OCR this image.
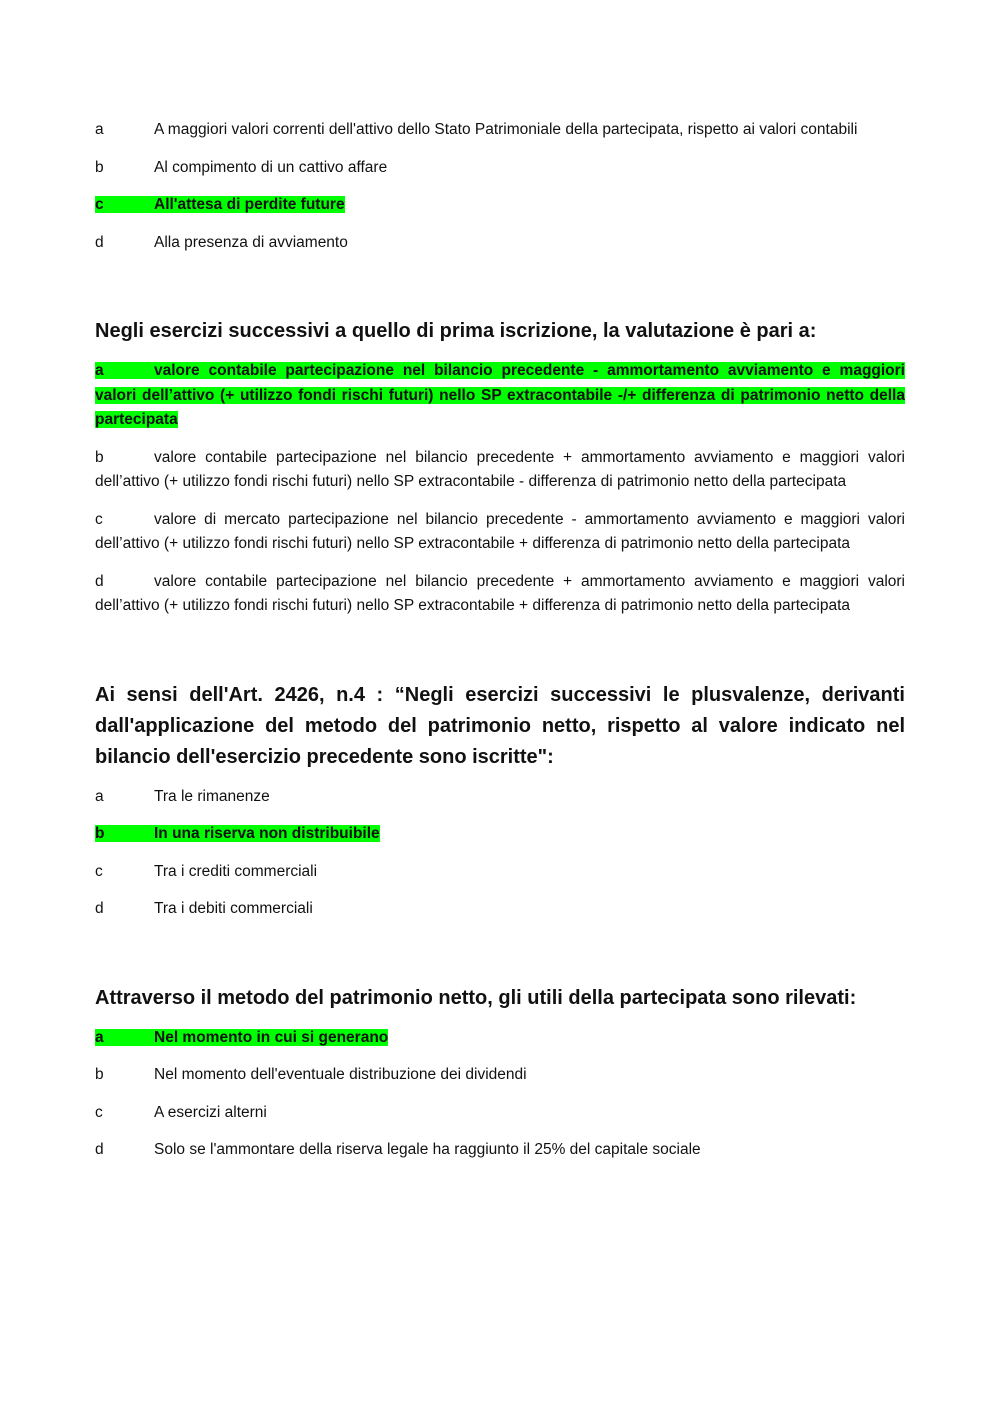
a	A maggiori valori correnti dell'attivo dello Stato Patrimoniale della partecipata, rispetto ai valori contabili

b	Al compimento di un cattivo affare

c	All'attesa di perdite future

d	Alla presenza di avviamento

Negli esercizi successivi a quello di prima iscrizione, la valutazione è pari a:

a	valore contabile partecipazione nel bilancio precedente - ammortamento avviamento e maggiori valori dell’attivo (+ utilizzo fondi rischi futuri) nello SP extracontabile -/+ differenza di patrimonio netto della partecipata

b	valore contabile partecipazione nel bilancio precedente + ammortamento avviamento e maggiori valori dell’attivo (+ utilizzo fondi rischi futuri) nello SP extracontabile - differenza di patrimonio netto della partecipata

c	valore di mercato partecipazione nel bilancio precedente - ammortamento avviamento e maggiori valori dell’attivo (+ utilizzo fondi rischi futuri) nello SP extracontabile + differenza di patrimonio netto della partecipata

d	valore contabile partecipazione nel bilancio precedente + ammortamento avviamento e maggiori valori dell’attivo (+ utilizzo fondi rischi futuri) nello SP extracontabile + differenza di patrimonio netto della partecipata

Ai sensi dell'Art. 2426, n.4 : “Negli esercizi successivi le plusvalenze, derivanti dall'applicazione del metodo del patrimonio netto, rispetto al valore indicato nel bilancio dell'esercizio precedente sono iscritte":

a	Tra le rimanenze

b	In una riserva non distribuibile

c	Tra i crediti commerciali

d	Tra i debiti commerciali

Attraverso il metodo del patrimonio netto, gli utili della partecipata sono rilevati:

a	Nel momento in cui si generano

b	Nel momento dell'eventuale distribuzione dei dividendi

c	A esercizi alterni

d	Solo se l'ammontare della riserva legale ha raggiunto il 25% del capitale sociale
